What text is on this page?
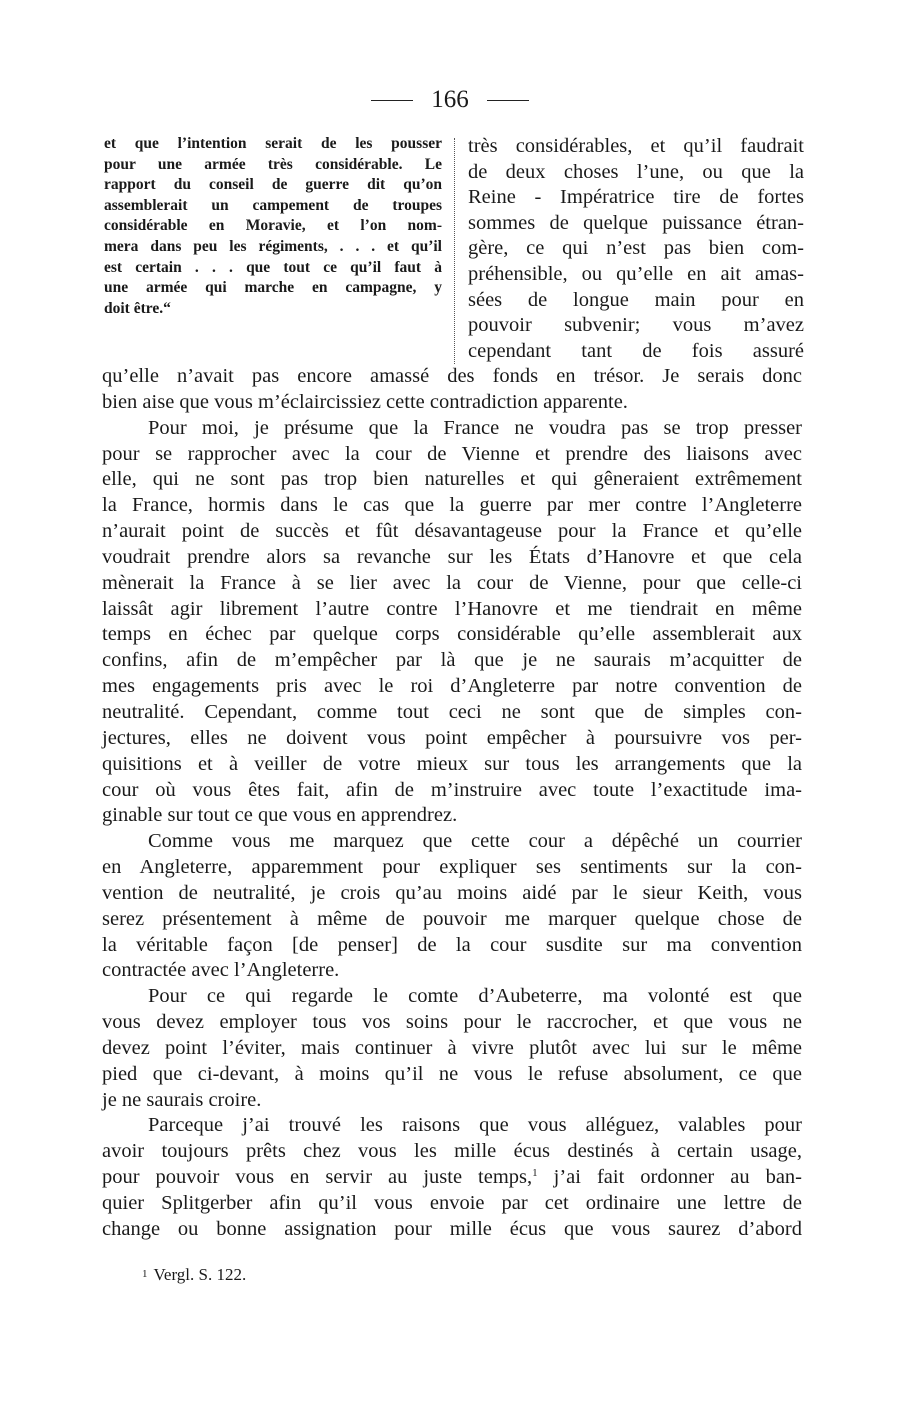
166
et que l’intention serait de les pousser
pour une armée très considérable. Le
rapport du conseil de guerre dit qu’on
assemblerait un campement de troupes
considérable en Moravie, et l’on nom-
mera dans peu les régiments, . . . et qu’il
est certain . . . que tout ce qu’il faut à
une armée qui marche en campagne, y
doit être.“
très considérables, et qu’il faudrait
de deux choses l’une, ou que la
Reine - Impératrice tire de fortes
sommes de quelque puissance étran-
gère, ce qui n’est pas bien com-
préhensible, ou qu’elle en ait amas-
sées de longue main pour en
pouvoir subvenir; vous m’avez
cependant tant de fois assuré
qu’elle n’avait pas encore amassé des fonds en trésor. Je serais donc
bien aise que vous m’éclaircissiez cette contradiction apparente.
Pour moi, je présume que la France ne voudra pas se trop presser
pour se rapprocher avec la cour de Vienne et prendre des liaisons avec
elle, qui ne sont pas trop bien naturelles et qui gêneraient extrêmement
la France, hormis dans le cas que la guerre par mer contre l’Angleterre
n’aurait point de succès et fût désavantageuse pour la France et qu’elle
voudrait prendre alors sa revanche sur les États d’Hanovre et que cela
mènerait la France à se lier avec la cour de Vienne, pour que celle-ci
laissât agir librement l’autre contre l’Hanovre et me tiendrait en même
temps en échec par quelque corps considérable qu’elle assemblerait aux
confins, afin de m’empêcher par là que je ne saurais m’acquitter de
mes engagements pris avec le roi d’Angleterre par notre convention de
neutralité. Cependant, comme tout ceci ne sont que de simples con-
jectures, elles ne doivent vous point empêcher à poursuivre vos per-
quisitions et à veiller de votre mieux sur tous les arrangements que la
cour où vous êtes fait, afin de m’instruire avec toute l’exactitude ima-
ginable sur tout ce que vous en apprendrez.
Comme vous me marquez que cette cour a dépêché un courrier
en Angleterre, apparemment pour expliquer ses sentiments sur la con-
vention de neutralité, je crois qu’au moins aidé par le sieur Keith, vous
serez présentement à même de pouvoir me marquer quelque chose de
la véritable façon [de penser] de la cour susdite sur ma convention
contractée avec l’Angleterre.
Pour ce qui regarde le comte d’Aubeterre, ma volonté est que
vous devez employer tous vos soins pour le raccrocher, et que vous ne
devez point l’éviter, mais continuer à vivre plutôt avec lui sur le même
pied que ci-devant, à moins qu’il ne vous le refuse absolument, ce que
je ne saurais croire.
Parceque j’ai trouvé les raisons que vous alléguez, valables pour
avoir toujours prêts chez vous les mille écus destinés à certain usage,
pour pouvoir vous en servir au juste temps,$^1$ j’ai fait ordonner au ban-
quier Splitgerber afin qu’il vous envoie par cet ordinaire une lettre de
change ou bonne assignation pour mille écus que vous saurez d’abord
1 Vergl. S. 122.
